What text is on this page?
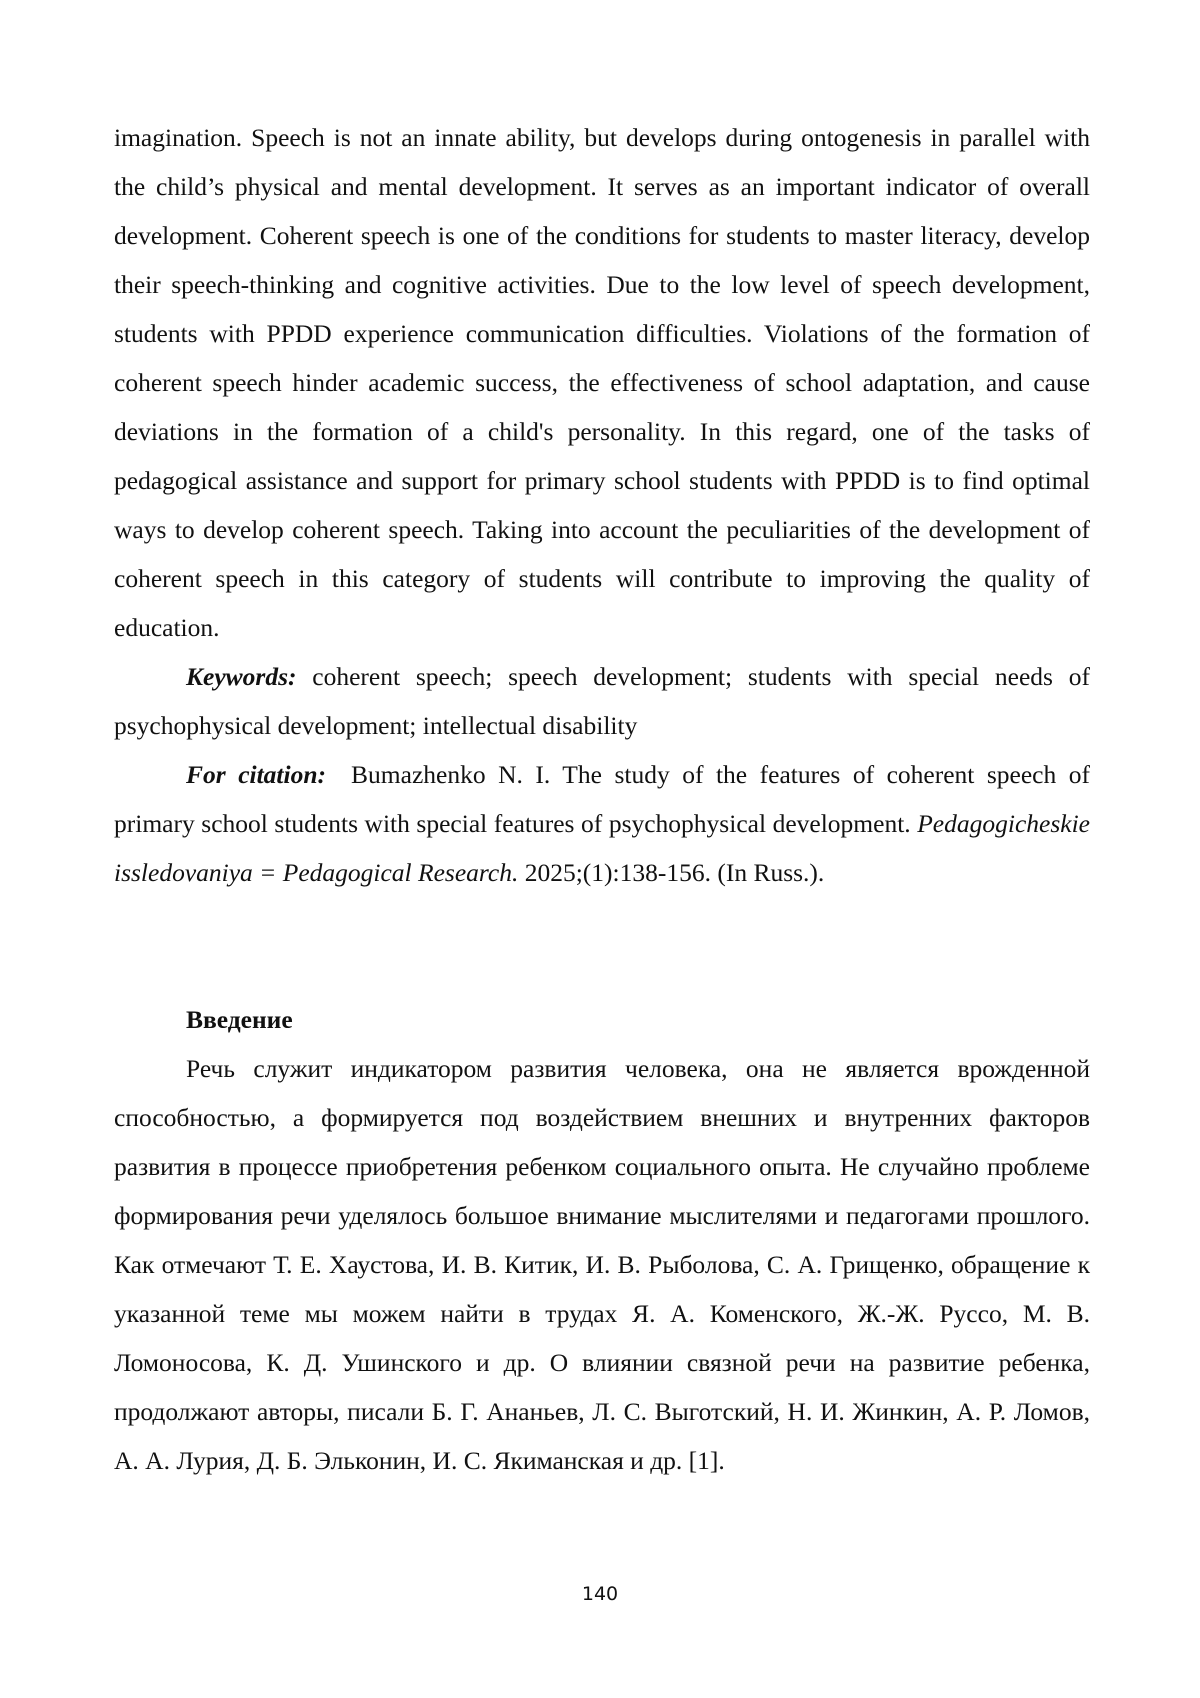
imagination. Speech is not an innate ability, but develops during ontogenesis in parallel with the child’s physical and mental development. It serves as an important indicator of overall development. Coherent speech is one of the conditions for students to master literacy, develop their speech-thinking and cognitive activities. Due to the low level of speech development, students with PPDD experience communication difficulties. Violations of the formation of coherent speech hinder academic success, the effectiveness of school adaptation, and cause deviations in the formation of a child's personality. In this regard, one of the tasks of pedagogical assistance and support for primary school students with PPDD is to find optimal ways to develop coherent speech. Taking into account the peculiarities of the development of coherent speech in this category of students will contribute to improving the quality of education.

Keywords: coherent speech; speech development; students with special needs of psychophysical development; intellectual disability

For citation:  Bumazhenko N. I. The study of the features of coherent speech of primary school students with special features of psychophysical development. Pedagogicheskie issledovaniya = Pedagogical Research. 2025;(1):138-156. (In Russ.).

Введение

Речь служит индикатором развития человека, она не является врожденной способностью, а формируется под воздействием внешних и внутренних факторов развития в процессе приобретения ребенком социального опыта. Не случайно проблеме формирования речи уделялось большое внимание мыслителями и педагогами прошлого. Как отмечают Т. Е. Хаустова, И. В. Китик, И. В. Рыболова, С. А. Грищенко, обращение к указанной теме мы можем найти в трудах Я. А. Коменского, Ж.-Ж. Руссо, М. В. Ломоносова, К. Д. Ушинского и др. О влиянии связной речи на развитие ребенка, продолжают авторы, писали Б. Г. Ананьев, Л. С. Выготский, Н. И. Жинкин, А. Р. Ломов, А. А. Лурия, Д. Б. Эльконин, И. С. Якиманская и др. [1].

140
